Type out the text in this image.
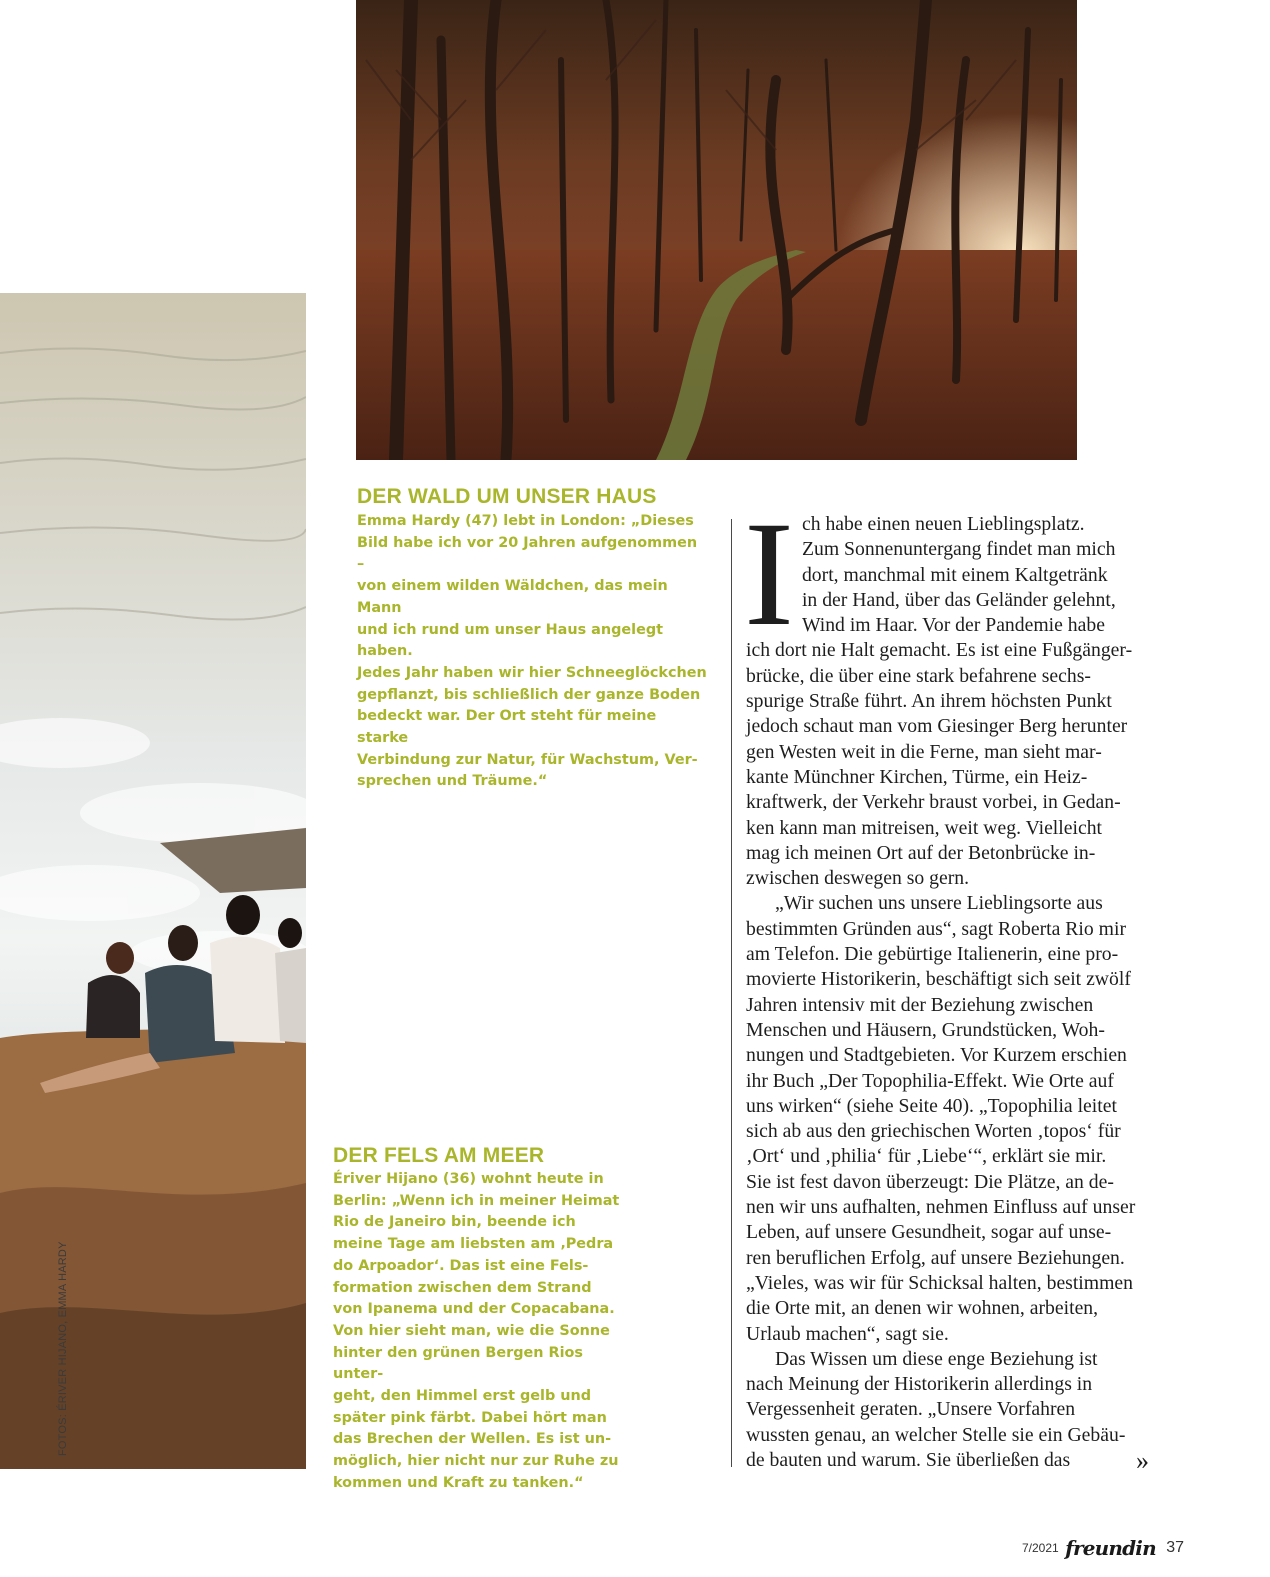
FOTOS: ÉRIVER HIJANO, EMMA HARDY
DER WALD UM UNSER HAUS
Emma Hardy (47) lebt in London: „Dieses
Bild habe ich vor 20 Jahren aufgenommen –
von einem wilden Wäldchen, das mein Mann
und ich rund um unser Haus angelegt haben.
Jedes Jahr haben wir hier Schneeglöckchen
gepflanzt, bis schließlich der ganze Boden
bedeckt war. Der Ort steht für meine starke
Verbindung zur Natur, für Wachstum, Ver-
sprechen und Träume.“
DER FELS AM MEER
Ériver Hijano (36) wohnt heute in
Berlin: „Wenn ich in meiner Heimat
Rio de Janeiro bin, beende ich
meine Tage am liebsten am ‚Pedra
do Arpoador‘. Das ist eine Fels-
formation zwischen dem Strand
von Ipanema und der Copacabana.
Von hier sieht man, wie die Sonne
hinter den grünen Bergen Rios unter-
geht, den Himmel erst gelb und
später pink färbt. Dabei hört man
das Brechen der Wellen. Es ist un-
möglich, hier nicht nur zur Ruhe zu
kommen und Kraft zu tanken.“
I ch habe einen neuen Lieblingsplatz.
Zum Sonnenuntergang findet man mich
dort, manchmal mit einem Kaltgetränk
in der Hand, über das Geländer gelehnt,
Wind im Haar. Vor der Pandemie habe
ich dort nie Halt gemacht. Es ist eine Fußgänger-
brücke, die über eine stark befahrene sechs-
spurige Straße führt. An ihrem höchsten Punkt
jedoch schaut man vom Giesinger Berg herunter
gen Westen weit in die Ferne, man sieht mar-
kante Münchner Kirchen, Türme, ein Heiz-
kraftwerk, der Verkehr braust vorbei, in Gedan-
ken kann man mitreisen, weit weg. Vielleicht
mag ich meinen Ort auf der Betonbrücke in-
zwischen deswegen so gern.

„Wir suchen uns unsere Lieblingsorte aus
bestimmten Gründen aus“, sagt Roberta Rio mir
am Telefon. Die gebürtige Italienerin, eine pro-
movierte Historikerin, beschäftigt sich seit zwölf
Jahren intensiv mit der Beziehung zwischen
Menschen und Häusern, Grundstücken, Woh-
nungen und Stadtgebieten. Vor Kurzem erschien
ihr Buch „Der Topophilia-Effekt. Wie Orte auf
uns wirken“ (siehe Seite 40). „Topophilia leitet
sich ab aus den griechischen Worten ‚topos‘ für
‚Ort‘ und ‚philia‘ für ‚Liebe‘“, erklärt sie mir.
Sie ist fest davon überzeugt: Die Plätze, an de-
nen wir uns aufhalten, nehmen Einfluss auf unser
Leben, auf unsere Gesundheit, sogar auf unse-
ren beruflichen Erfolg, auf unsere Beziehungen.
„Vieles, was wir für Schicksal halten, bestimmen
die Orte mit, an denen wir wohnen, arbeiten,
Urlaub machen“, sagt sie.

Das Wissen um diese enge Beziehung ist
nach Meinung der Historikerin allerdings in
Vergessenheit geraten. „Unsere Vorfahren
wussten genau, an welcher Stelle sie ein Gebäu-
de bauten und warum. Sie überließen das	»
7/2021 freundin 37
